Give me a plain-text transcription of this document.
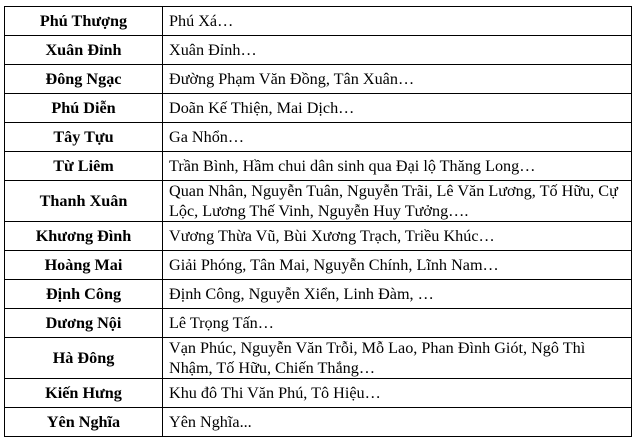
Phú Thượng	Phú Xá…
Xuân Đỉnh	Xuân Đỉnh…
Đông Ngạc	Đường Phạm Văn Đồng, Tân Xuân…
Phú Diễn	Doãn Kế Thiện, Mai Dịch…
Tây Tựu	Ga Nhổn…
Từ Liêm	Trần Bình, Hầm chui dân sinh qua Đại lộ Thăng Long…
Thanh Xuân	Quan Nhân, Nguyễn Tuân, Nguyễn Trãi, Lê Văn Lương, Tố Hữu, Cự Lộc, Lương Thế Vinh, Nguyễn Huy Tưởng….
Khương Đình	Vương Thừa Vũ, Bùi Xương Trạch, Triều Khúc…
Hoàng Mai	Giải Phóng, Tân Mai, Nguyễn Chính, Lĩnh Nam…
Định Công	Định Công, Nguyễn Xiển, Linh Đàm, …
Dương Nội	Lê Trọng Tấn…
Hà Đông	Vạn Phúc, Nguyễn Văn Trỗi, Mỗ Lao, Phan Đình Giót, Ngô Thì Nhậm, Tố Hữu, Chiến Thắng…
Kiến Hưng	Khu đô Thi Văn Phú, Tô Hiệu…
Yên Nghĩa	Yên Nghĩa...
